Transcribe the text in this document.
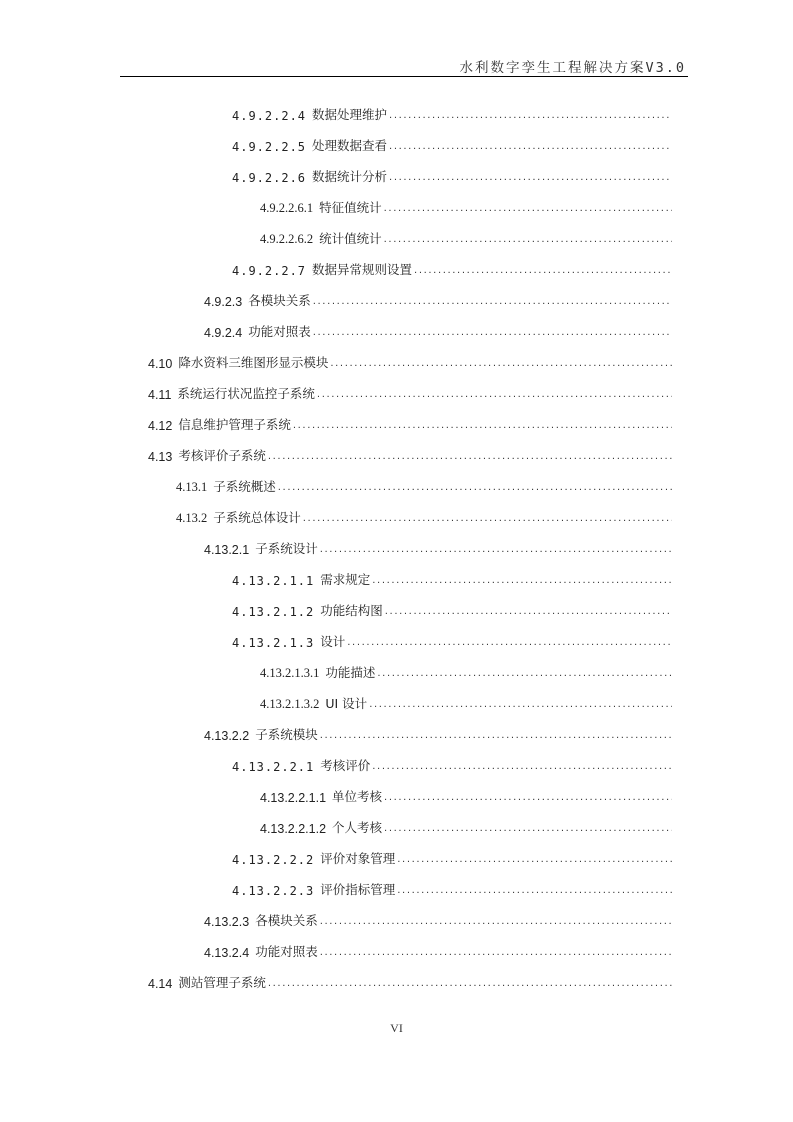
水利数字孪生工程解决方案V3.0
4.9.2.2.4 数据处理维护
.....
4.9.2.2.5 处理数据查看
.....
4.9.2.2.6 数据统计分析
.....
4.9.2.2.6.1 特征值统计
.....
4.9.2.2.6.2 统计值统计
.....
4.9.2.2.7 数据异常规则设置
.....
4.9.2.3 各模块关系
.....
4.9.2.4 功能对照表
.....
4.10 降水资料三维图形显示模块
.....
4.11 系统运行状况监控子系统
.....
4.12 信息维护管理子系统
.....
4.13 考核评价子系统
.....
4.13.1 子系统概述
.....
4.13.2 子系统总体设计
.....
4.13.2.1 子系统设计
.....
4.13.2.1.1 需求规定
.....
4.13.2.1.2 功能结构图
.....
4.13.2.1.3 设计
.....
4.13.2.1.3.1 功能描述
.....
4.13.2.1.3.2 UI 设计
.....
4.13.2.2 子系统模块
.....
4.13.2.2.1 考核评价
.....
4.13.2.2.1.1 单位考核
.....
4.13.2.2.1.2 个人考核
.....
4.13.2.2.2 评价对象管理
.....
4.13.2.2.3 评价指标管理
.....
4.13.2.3 各模块关系
.....
4.13.2.4 功能对照表
.....
4.14 测站管理子系统
.....
VI
